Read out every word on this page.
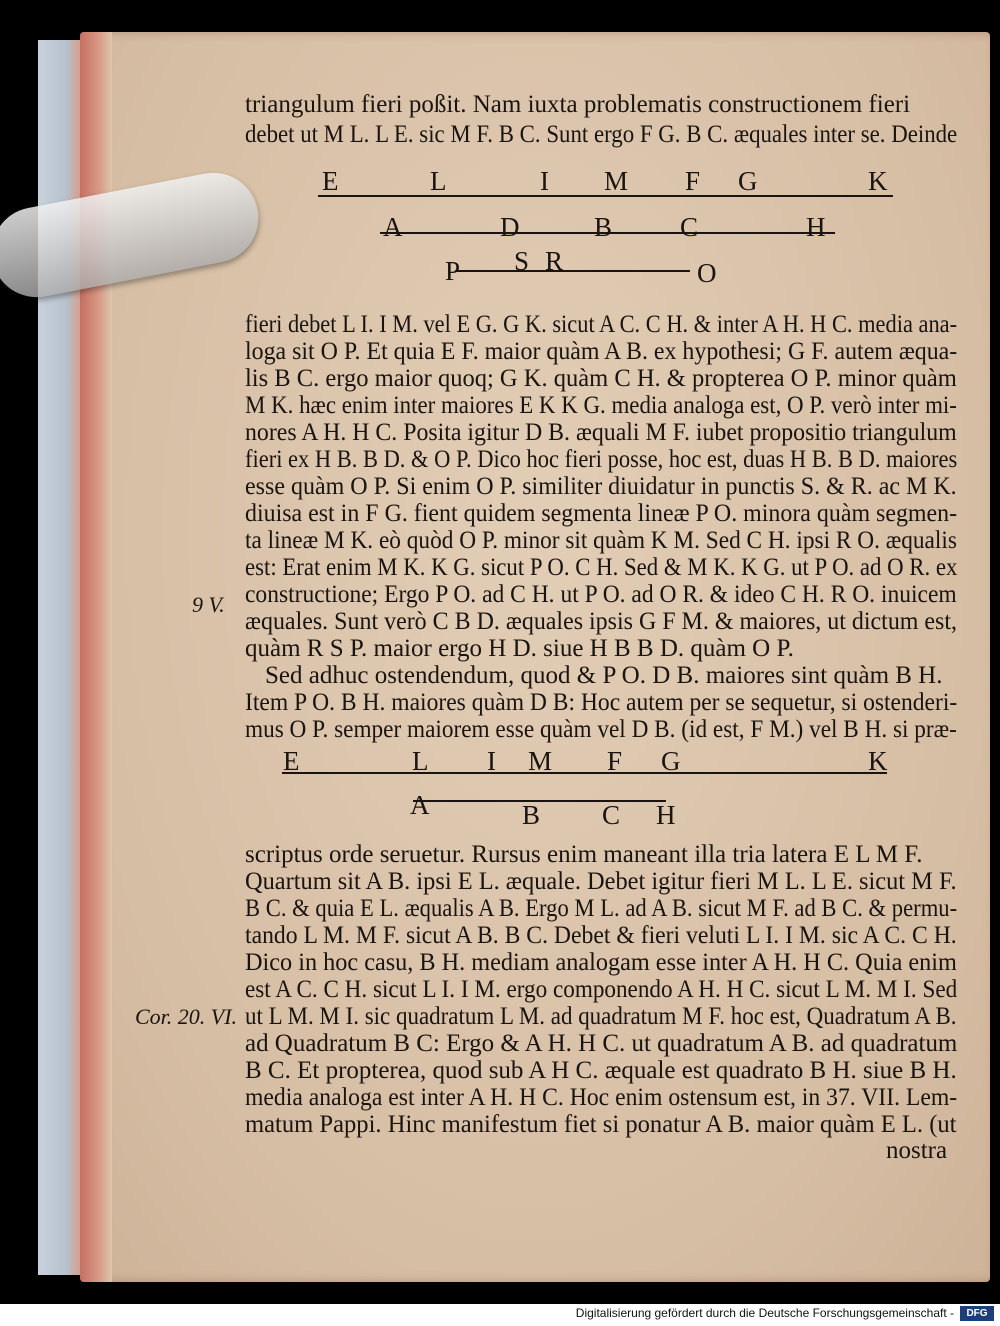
triangulum fieri poßit. Nam iuxta problematis constructionem fieri
debet ut M L. L E. sic M F. B C. Sunt ergo F G. B C. æquales inter se. Deinde
E	L	I M F G	K
A	D	B C	H
P S R	O
fieri debet L I. I M. vel E G. G K. sicut A C. C H. & inter A H. H C. media ana-
loga sit O P. Et quia E F. maior quàm A B. ex hypothesi; G F. autem æqua-
lis B C. ergo maior quoq; G K. quàm C H. & propterea O P. minor quàm
M K. hæc enim inter maiores E K K G. media analoga est, O P. verò inter mi-
nores A H. H C. Posita igitur D B. æquali M F. iubet propositio triangulum
fieri ex H B. B D. & O P. Dico hoc fieri posse, hoc est, duas H B. B D. maiores
esse quàm O P. Si enim O P. similiter diuidatur in punctis S. & R. ac M K.
diuisa est in F G. fient quidem segmenta lineæ P O. minora quàm segmen-
ta lineæ M K. eò quòd O P. minor sit quàm K M. Sed C H. ipsi R O. æqualis
est: Erat enim M K. K G. sicut P O. C H. Sed & M K. K G. ut P O. ad O R. ex
constructione; Ergo P O. ad C H. ut P O. ad O R. & ideo C H. R O. inuicem
æquales. Sunt verò C B D. æquales ipsis G F M. & maiores, ut dictum est,
quàm R S P. maior ergo H D. siue H B B D. quàm O P.
Sed adhuc ostendendum, quod & P O. D B. maiores sint quàm B H.
Item P O. B H. maiores quàm D B: Hoc autem per se sequetur, si ostenderi-
mus O P. semper maiorem esse quàm vel D B. (id est, F M.) vel B H. si præ-
9 V.
E	L I M F G	K
A	B C H
scriptus orde seruetur. Rursus enim maneant illa tria latera E L M F.
Quartum sit A B. ipsi E L. æquale. Debet igitur fieri M L. L E. sicut M F.
B C. & quia E L. æqualis A B. Ergo M L. ad A B. sicut M F. ad B C. & permu-
tando L M. M F. sicut A B. B C. Debet & fieri veluti L I. I M. sic A C. C H.
Dico in hoc casu, B H. mediam analogam esse inter A H. H C. Quia enim
est A C. C H. sicut L I. I M. ergo componendo A H. H C. sicut L M. M I. Sed
ut L M. M I. sic quadratum L M. ad quadratum M F. hoc est, Quadratum A B.
ad Quadratum B C: Ergo & A H. H C. ut quadratum A B. ad quadratum
B C. Et propterea, quod sub A H C. æquale est quadrato B H. siue B H.
media analoga est inter A H. H C. Hoc enim ostensum est, in 37. VII. Lem-
matum Pappi. Hinc manifestum fiet si ponatur A B. maior quàm E L. (ut
Cor. 20. VI.
nostra
Digitalisierung gefördert durch die Deutsche Forschungsgemeinschaft -	DFG
